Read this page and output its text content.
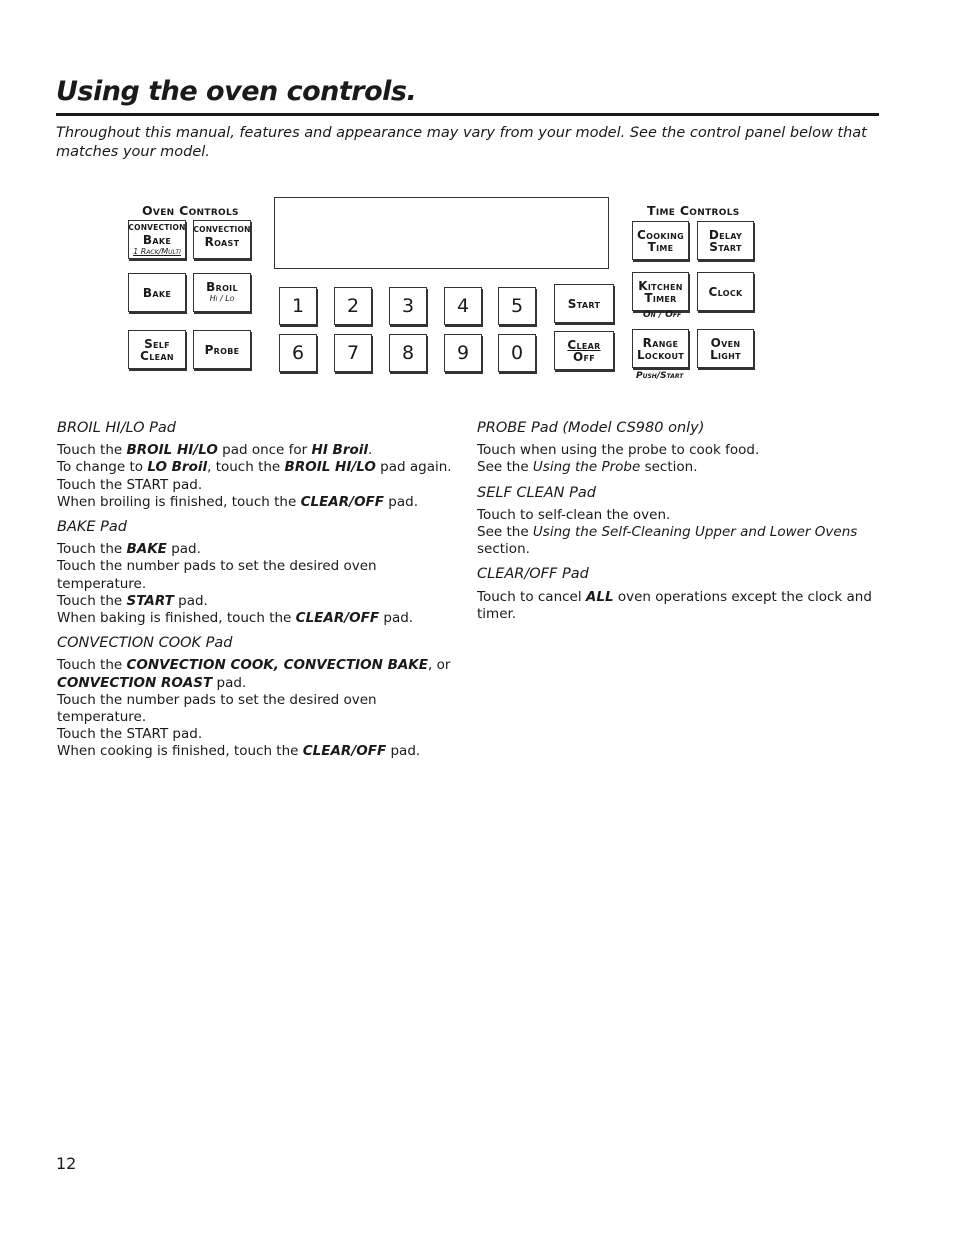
Using the oven controls.
Throughout this manual, features and appearance may vary from your model. See the control panel below that matches your model.
Oven Controls	Time Controls
CONVECTION
Bake
1 Rack/Multi
CONVECTION
Roast
Bake	Broil
Hi / Lo
Self
Clean	Probe
1	2	3	4	5
6	7	8	9	0
Start
Clear
Off
Cooking
Time
Delay
Start
Kitchen
Timer
On / Off
Clock
Range
Lockout
Push/Start
Oven
Light
BROIL HI/LO Pad
Touch the BROIL HI/LO pad once for HI Broil.
To change to LO Broil, touch the BROIL HI/LO pad again.
Touch the START pad.
When broiling is finished, touch the CLEAR/OFF pad.
BAKE Pad
Touch the BAKE pad.
Touch the number pads to set the desired oven temperature.
Touch the START pad.
When baking is finished, touch the CLEAR/OFF pad.
CONVECTION COOK Pad
Touch the CONVECTION COOK, CONVECTION BAKE, or
CONVECTION ROAST pad.
Touch the number pads to set the desired oven temperature.
Touch the START pad.
When cooking is finished, touch the CLEAR/OFF pad.
PROBE Pad (Model CS980 only)
Touch when using the probe to cook food.
See the Using the Probe section.
SELF CLEAN Pad
Touch to self-clean the oven.
See the Using the Self-Cleaning Upper and Lower Ovens section.
CLEAR/OFF Pad
Touch to cancel ALL oven operations except the clock and timer.
12
